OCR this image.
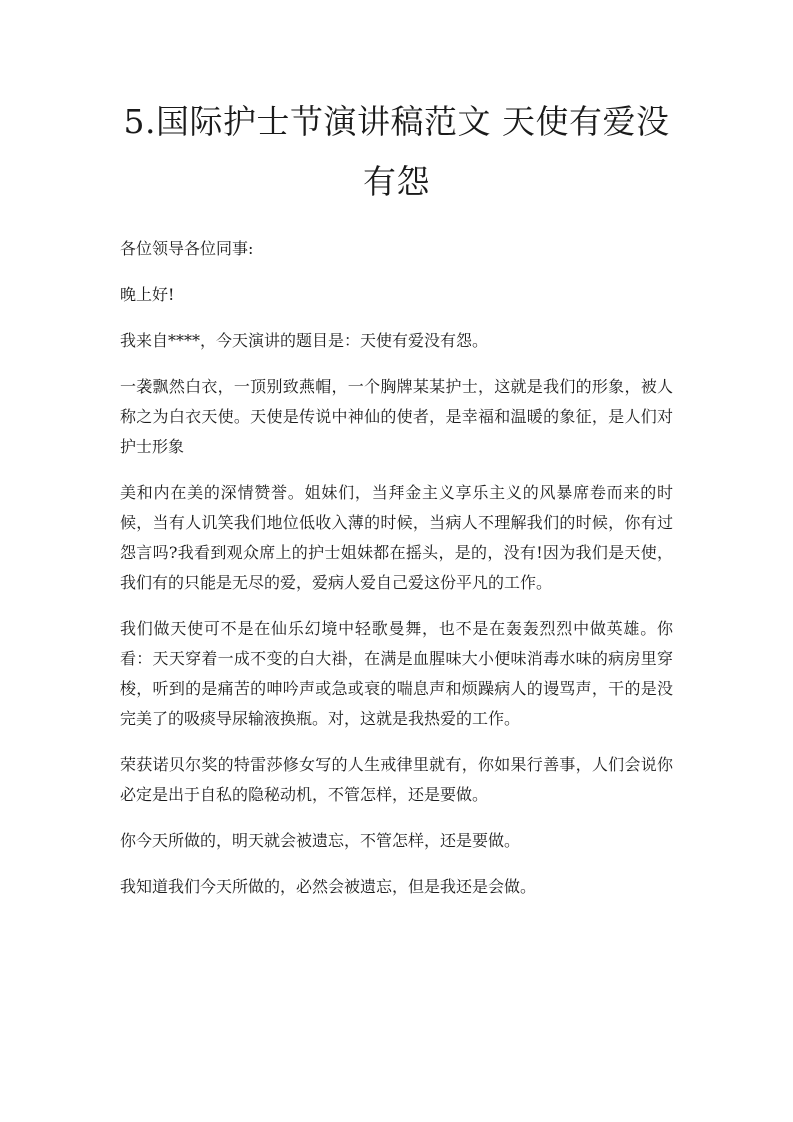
5.国际护士节演讲稿范文 天使有爱没
有怨

各位领导各位同事:

晚上好!

我来自****，今天演讲的题目是：天使有爱没有怨。

一袭飘然白衣，一顶别致燕帽，一个胸牌某某护士，这就是我们的形象，被人称之为白衣天使。天使是传说中神仙的使者，是幸福和温暖的象征，是人们对护士形象

美和内在美的深情赞誉。姐妹们，当拜金主义享乐主义的风暴席卷而来的时候，当有人讥笑我们地位低收入薄的时候，当病人不理解我们的时候，你有过怨言吗?我看到观众席上的护士姐妹都在摇头，是的，没有!因为我们是天使，我们有的只能是无尽的爱，爱病人爱自己爱这份平凡的工作。

我们做天使可不是在仙乐幻境中轻歌曼舞，也不是在轰轰烈烈中做英雄。你看：天天穿着一成不变的白大褂，在满是血腥味大小便味消毒水味的病房里穿梭，听到的是痛苦的呻吟声或急或衰的喘息声和烦躁病人的谩骂声，干的是没完美了的吸痰导尿输液换瓶。对，这就是我热爱的工作。

荣获诺贝尔奖的特雷莎修女写的人生戒律里就有，你如果行善事，人们会说你必定是出于自私的隐秘动机，不管怎样，还是要做。

你今天所做的，明天就会被遗忘，不管怎样，还是要做。

我知道我们今天所做的，必然会被遗忘，但是我还是会做。
